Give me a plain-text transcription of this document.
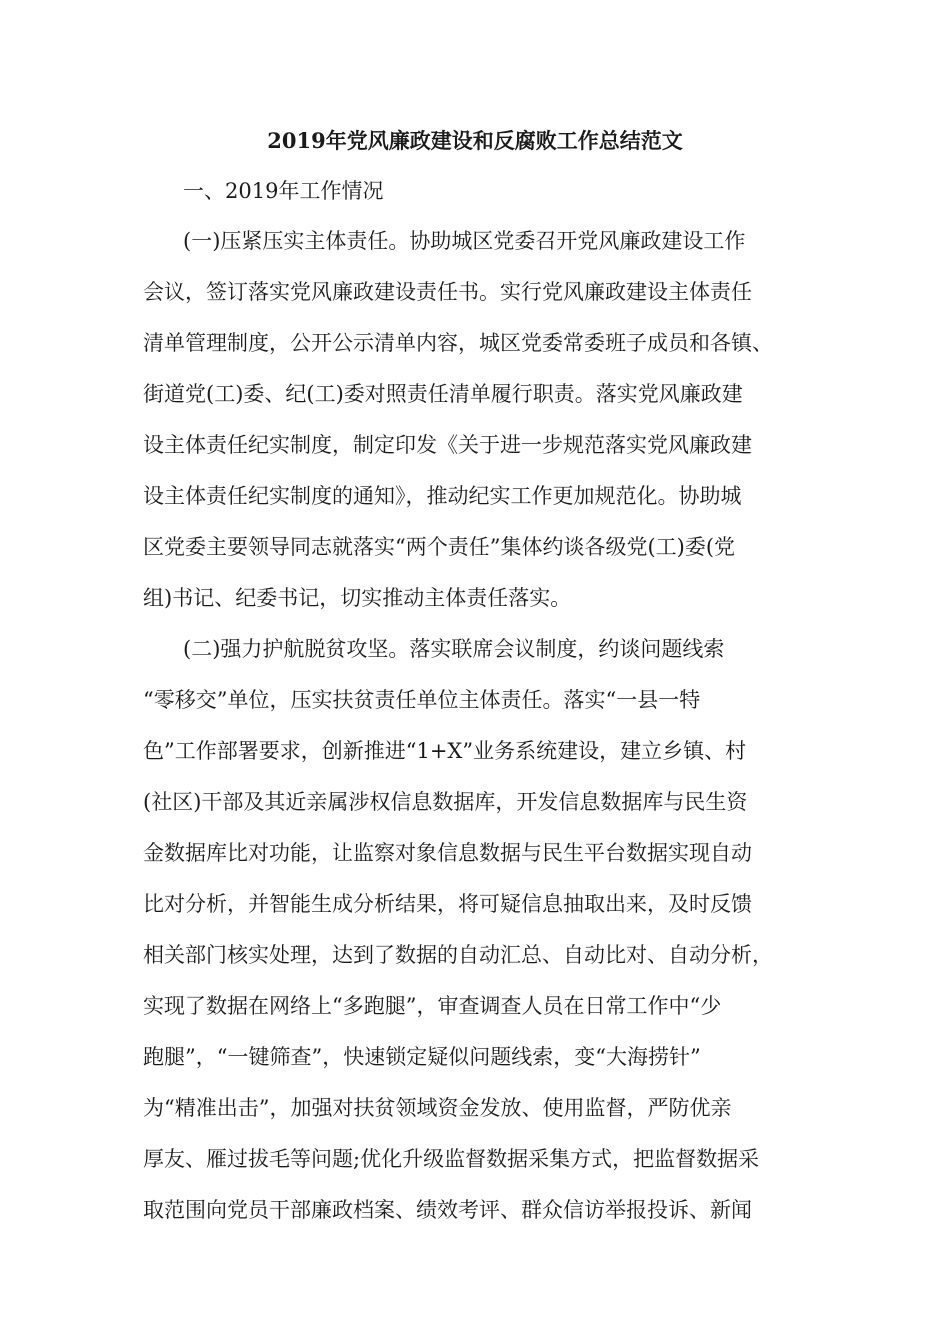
2019年党风廉政建设和反腐败工作总结范文

一、2019年工作情况

(一)压紧压实主体责任。协助城区党委召开党风廉政建设工作

会议，签订落实党风廉政建设责任书。实行党风廉政建设主体责任

清单管理制度，公开公示清单内容，城区党委常委班子成员和各镇、

街道党(工)委、纪(工)委对照责任清单履行职责。落实党风廉政建

设主体责任纪实制度，制定印发《关于进一步规范落实党风廉政建

设主体责任纪实制度的通知》，推动纪实工作更加规范化。协助城

区党委主要领导同志就落实“两个责任”集体约谈各级党(工)委(党

组)书记、纪委书记，切实推动主体责任落实。

(二)强力护航脱贫攻坚。落实联席会议制度，约谈问题线索

“零移交”单位，压实扶贫责任单位主体责任。落实“一县一特

色”工作部署要求，创新推进“1+X”业务系统建设，建立乡镇、村

(社区)干部及其近亲属涉权信息数据库，开发信息数据库与民生资

金数据库比对功能，让监察对象信息数据与民生平台数据实现自动

比对分析，并智能生成分析结果，将可疑信息抽取出来，及时反馈

相关部门核实处理，达到了数据的自动汇总、自动比对、自动分析，

实现了数据在网络上“多跑腿”，审查调查人员在日常工作中“少

跑腿”，“一键筛查”，快速锁定疑似问题线索，变“大海捞针”

为“精准出击”，加强对扶贫领域资金发放、使用监督，严防优亲

厚友、雁过拔毛等问题;优化升级监督数据采集方式，把监督数据采

取范围向党员干部廉政档案、绩效考评、群众信访举报投诉、新闻
